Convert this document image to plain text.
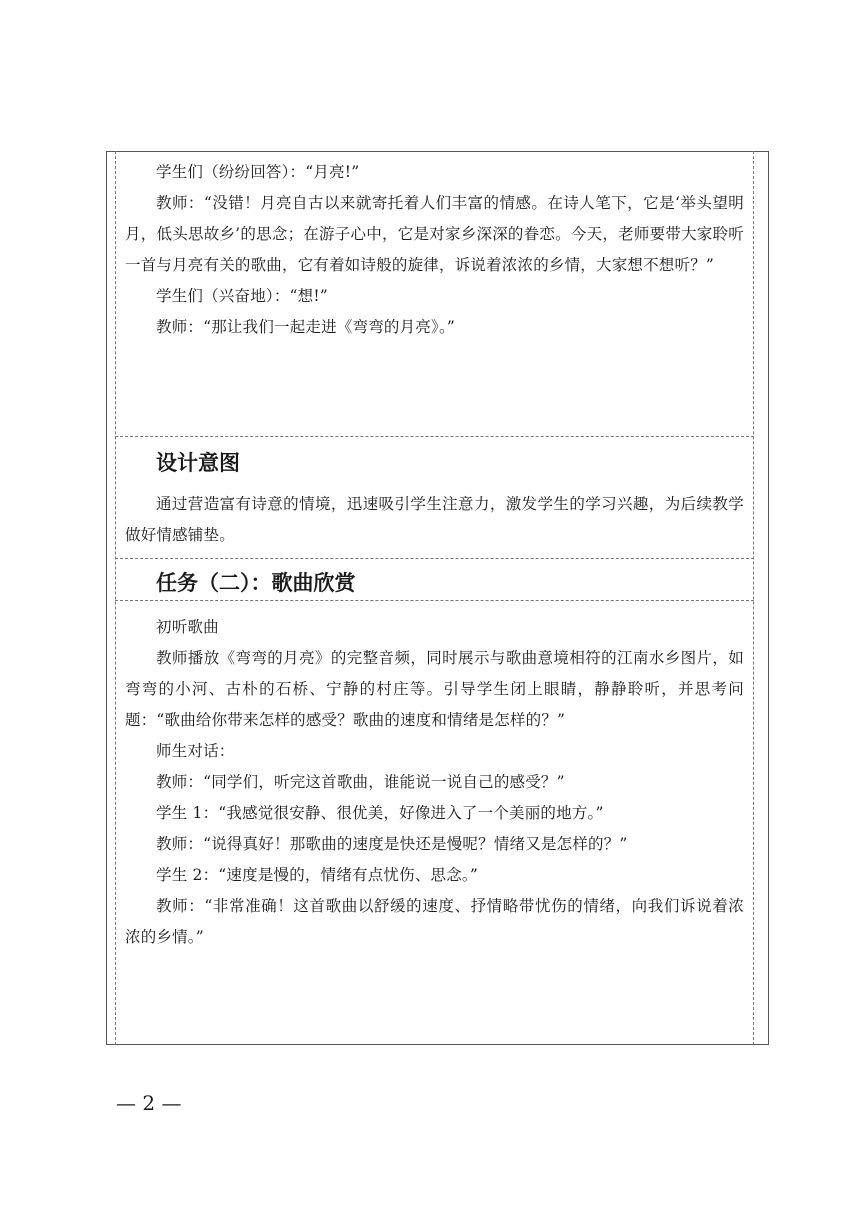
学生们（纷纷回答）：“月亮!”

教师：“没错！月亮自古以来就寄托着人们丰富的情感。在诗人笔下，它是‘举头望明月，低头思故乡’的思念；在游子心中，它是对家乡深深的眷恋。今天，老师要带大家聆听一首与月亮有关的歌曲，它有着如诗般的旋律，诉说着浓浓的乡情，大家想不想听？”

学生们（兴奋地）：“想!”

教师：“那让我们一起走进《弯弯的月亮》。”

设计意图

通过营造富有诗意的情境，迅速吸引学生注意力，激发学生的学习兴趣，为后续教学做好情感铺垫。

任务（二）：歌曲欣赏

初听歌曲

教师播放《弯弯的月亮》的完整音频，同时展示与歌曲意境相符的江南水乡图片，如弯弯的小河、古朴的石桥、宁静的村庄等。引导学生闭上眼睛，静静聆听，并思考问题：“歌曲给你带来怎样的感受？歌曲的速度和情绪是怎样的？”

师生对话：

教师：“同学们，听完这首歌曲，谁能说一说自己的感受？”

学生 1：“我感觉很安静、很优美，好像进入了一个美丽的地方。”

教师：“说得真好！那歌曲的速度是快还是慢呢？情绪又是怎样的？”

学生 2：“速度是慢的，情绪有点忧伤、思念。”

教师：“非常准确！这首歌曲以舒缓的速度、抒情略带忧伤的情绪，向我们诉说着浓浓的乡情。”

— 2 —
